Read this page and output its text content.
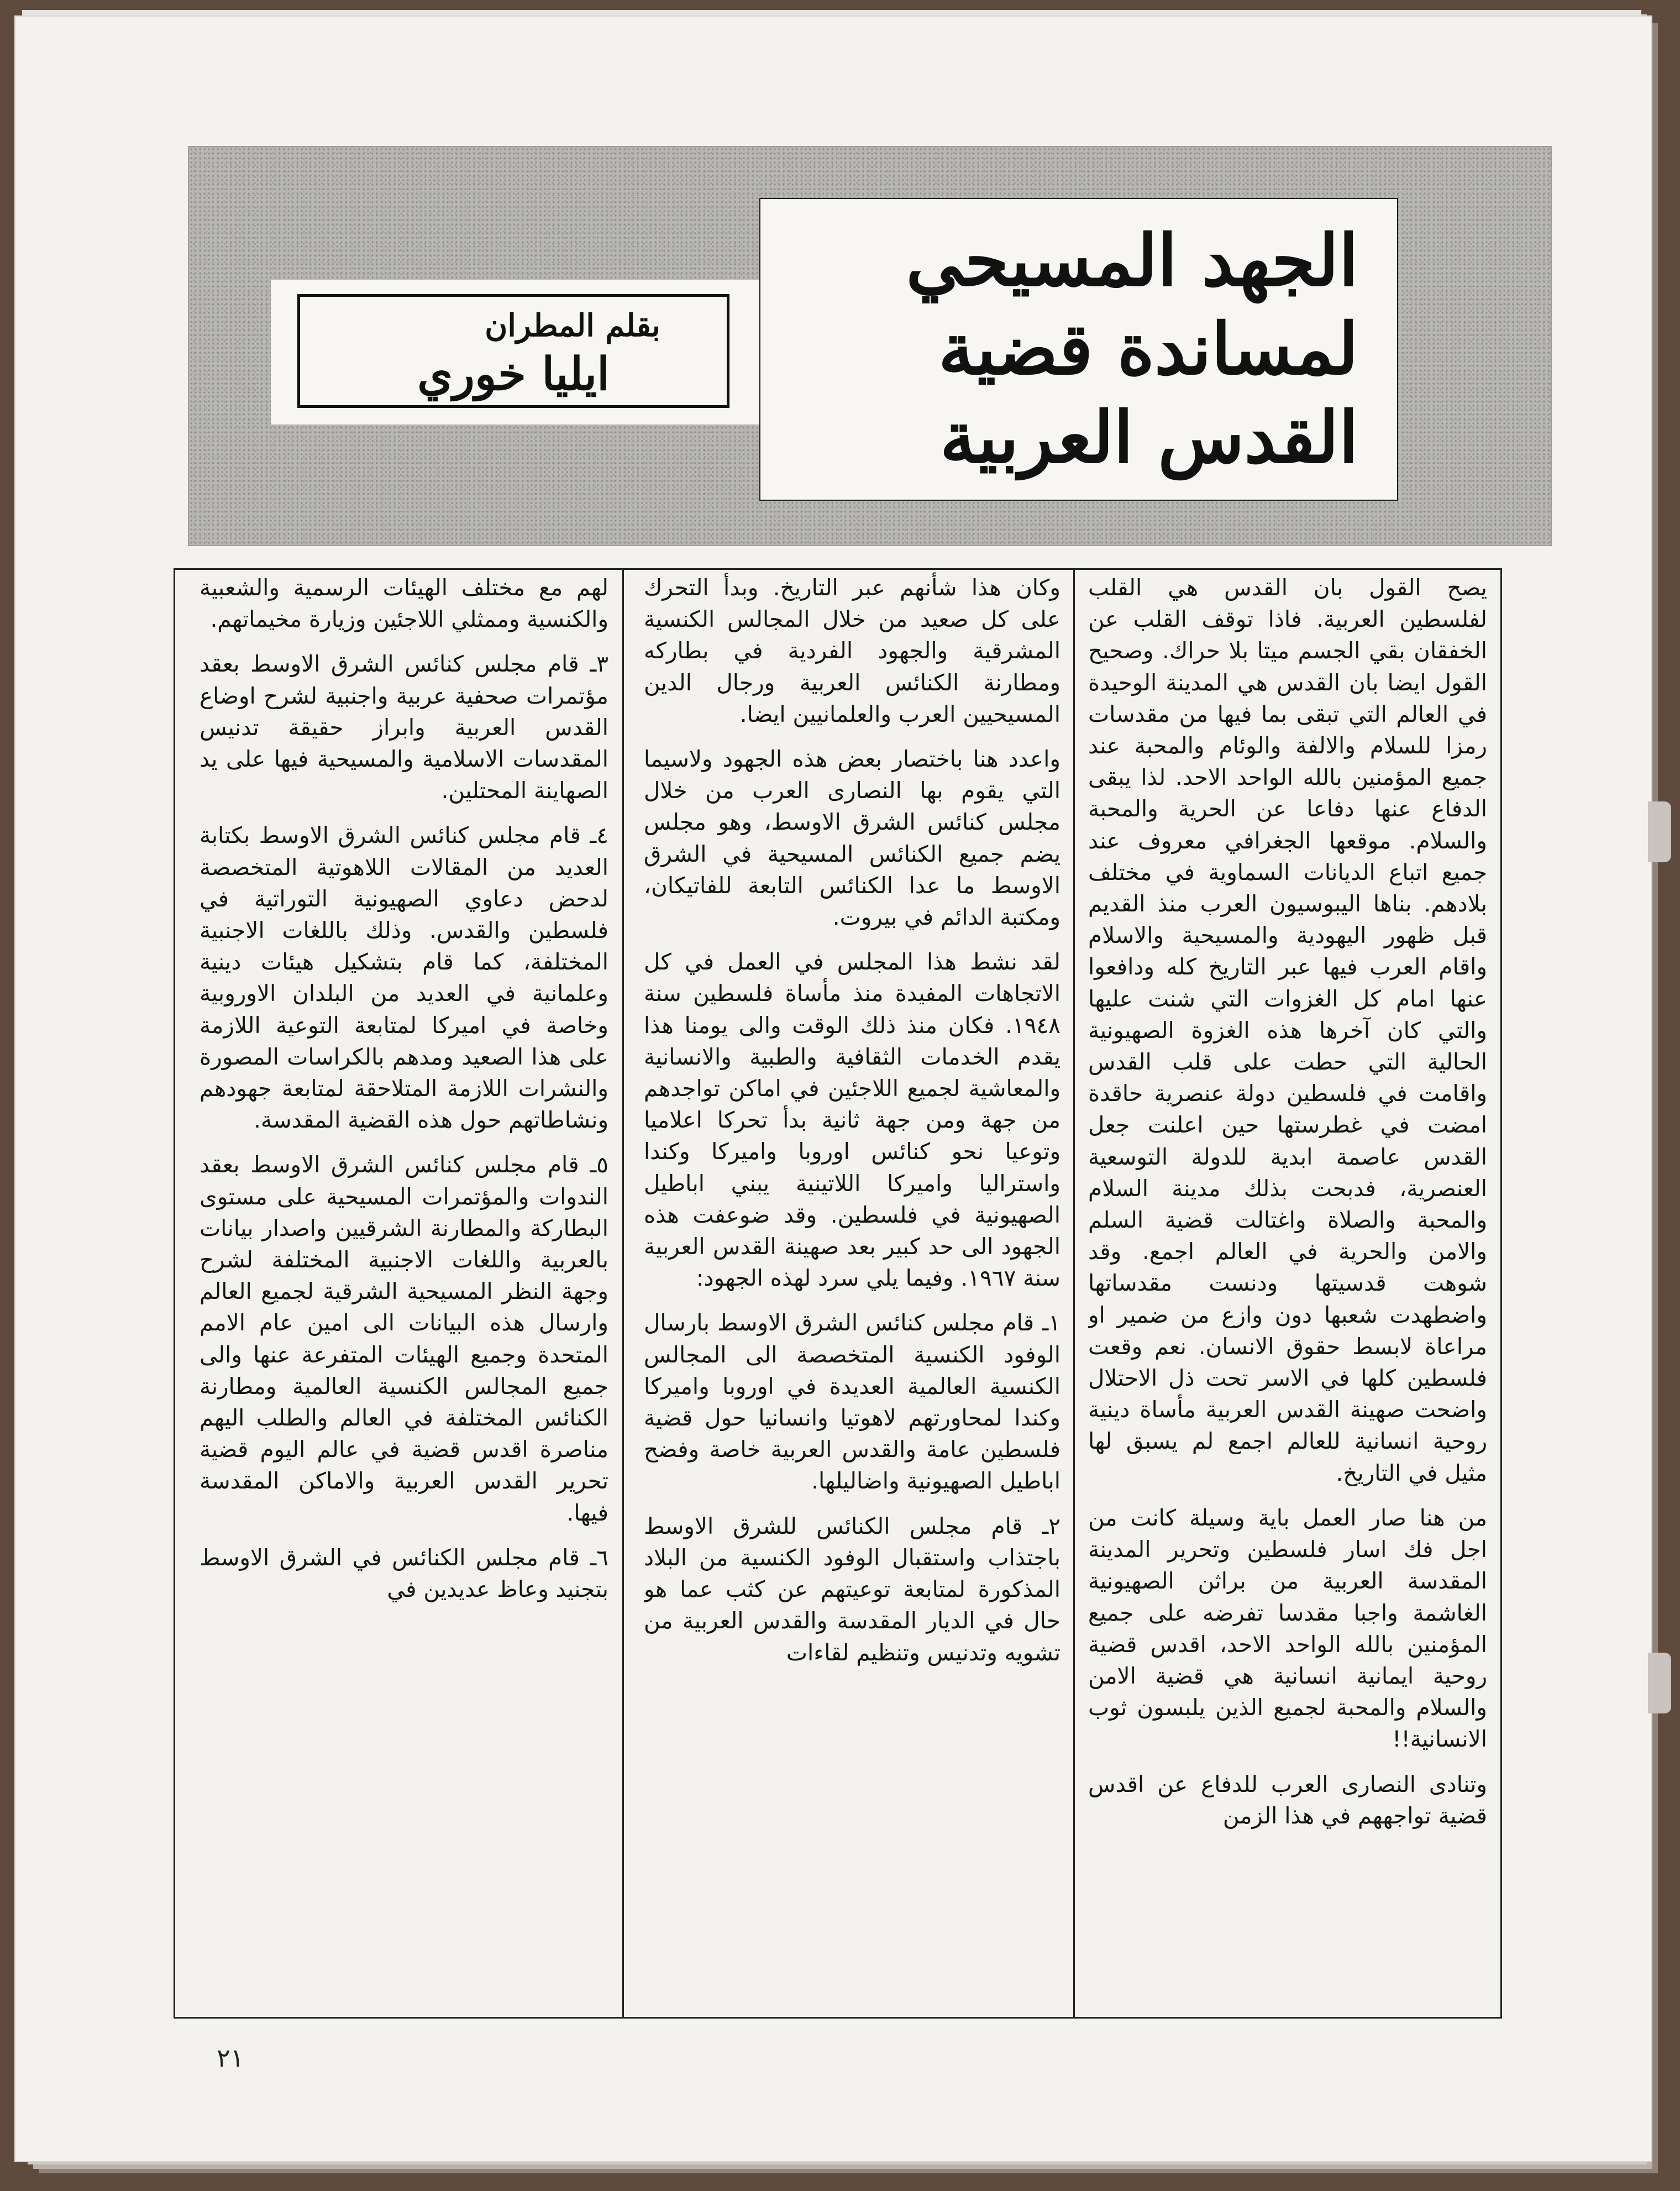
بقلم المطران
ايليا خوري
الجهد المسيحي
لمساندة قضية
القدس العربية

يصح القول بان القدس هي القلب لفلسطين العربية. فاذا توقف القلب عن الخفقان بقي الجسم ميتا بلا حراك. وصحيح القول ايضا بان القدس هي المدينة الوحيدة في العالم التي تبقى بما فيها من مقدسات رمزا للسلام والالفة والوئام والمحبة عند جميع المؤمنين بالله الواحد الاحد. لذا يبقى الدفاع عنها دفاعا عن الحرية والمحبة والسلام. موقعها الجغرافي معروف عند جميع اتباع الديانات السماوية في مختلف بلادهم. بناها اليبوسيون العرب منذ القديم قبل ظهور اليهودية والمسيحية والاسلام واقام العرب فيها عبر التاريخ كله ودافعوا عنها امام كل الغزوات التي شنت عليها والتي كان آخرها هذه الغزوة الصهيونية الحالية التي حطت على قلب القدس واقامت في فلسطين دولة عنصرية حاقدة امضت في غطرستها حين اعلنت جعل القدس عاصمة ابدية للدولة التوسعية العنصرية، فدبحت بذلك مدينة السلام والمحبة والصلاة واغتالت قضية السلم والامن والحرية في العالم اجمع. وقد شوهت قدسيتها ودنست مقدساتها واضطهدت شعبها دون وازع من ضمير او مراعاة لابسط حقوق الانسان. نعم وقعت فلسطين كلها في الاسر تحت ذل الاحتلال واضحت صهينة القدس العربية مأساة دينية روحية انسانية للعالم اجمع لم يسبق لها مثيل في التاريخ.

من هنا صار العمل باية وسيلة كانت من اجل فك اسار فلسطين وتحرير المدينة المقدسة العربية من براثن الصهيونية الغاشمة واجبا مقدسا تفرضه على جميع المؤمنين بالله الواحد الاحد، اقدس قضية روحية ايمانية انسانية هي قضية الامن والسلام والمحبة لجميع الذين يلبسون ثوب الانسانية!!

وتنادى النصارى العرب للدفاع عن اقدس قضية تواجههم في هذا الزمن

وكان هذا شأنهم عبر التاريخ. وبدأ التحرك على كل صعيد من خلال المجالس الكنسية المشرقية والجهود الفردية في بطاركه ومطارنة الكنائس العربية ورجال الدين المسيحيين العرب والعلمانيين ايضا.

واعدد هنا باختصار بعض هذه الجهود ولاسيما التي يقوم بها النصارى العرب من خلال مجلس كنائس الشرق الاوسط، وهو مجلس يضم جميع الكنائس المسيحية في الشرق الاوسط ما عدا الكنائس التابعة للفاتيكان، ومكتبة الدائم في بيروت.

لقد نشط هذا المجلس في العمل في كل الاتجاهات المفيدة منذ مأساة فلسطين سنة ١٩٤٨. فكان منذ ذلك الوقت والى يومنا هذا يقدم الخدمات الثقافية والطبية والانسانية والمعاشية لجميع اللاجئين في اماكن تواجدهم من جهة ومن جهة ثانية بدأ تحركا اعلاميا وتوعيا نحو كنائس اوروبا واميركا وكندا واستراليا واميركا اللاتينية يبني اباطيل الصهيونية في فلسطين. وقد ضوعفت هذه الجهود الى حد كبير بعد صهينة القدس العربية سنة ١٩٦٧. وفيما يلي سرد لهذه الجهود:

١ـ قام مجلس كنائس الشرق الاوسط بارسال الوفود الكنسية المتخصصة الى المجالس الكنسية العالمية العديدة في اوروبا واميركا وكندا لمحاورتهم لاهوتيا وانسانيا حول قضية فلسطين عامة والقدس العربية خاصة وفضح اباطيل الصهيونية واضاليلها.

٢ـ قام مجلس الكنائس للشرق الاوسط باجتذاب واستقبال الوفود الكنسية من البلاد المذكورة لمتابعة توعيتهم عن كثب عما هو حال في الديار المقدسة والقدس العربية من تشويه وتدنيس وتنظيم لقاءات

لهم مع مختلف الهيئات الرسمية والشعبية والكنسية وممثلي اللاجئين وزيارة مخيماتهم.

٣ـ قام مجلس كنائس الشرق الاوسط بعقد مؤتمرات صحفية عربية واجنبية لشرح اوضاع القدس العربية وابراز حقيقة تدنيس المقدسات الاسلامية والمسيحية فيها على يد الصهاينة المحتلين.

٤ـ قام مجلس كنائس الشرق الاوسط بكتابة العديد من المقالات اللاهوتية المتخصصة لدحض دعاوي الصهيونية التوراتية في فلسطين والقدس. وذلك باللغات الاجنبية المختلفة، كما قام بتشكيل هيئات دينية وعلمانية في العديد من البلدان الاوروبية وخاصة في اميركا لمتابعة التوعية اللازمة على هذا الصعيد ومدهم بالكراسات المصورة والنشرات اللازمة المتلاحقة لمتابعة جهودهم ونشاطاتهم حول هذه القضية المقدسة.

٥ـ قام مجلس كنائس الشرق الاوسط بعقد الندوات والمؤتمرات المسيحية على مستوى البطاركة والمطارنة الشرقيين واصدار بيانات بالعربية واللغات الاجنبية المختلفة لشرح وجهة النظر المسيحية الشرقية لجميع العالم وارسال هذه البيانات الى امين عام الامم المتحدة وجميع الهيئات المتفرعة عنها والى جميع المجالس الكنسية العالمية ومطارنة الكنائس المختلفة في العالم والطلب اليهم مناصرة اقدس قضية في عالم اليوم قضية تحرير القدس العربية والاماكن المقدسة فيها.

٦ـ قام مجلس الكنائس في الشرق الاوسط بتجنيد وعاظ عديدين في

٢١
